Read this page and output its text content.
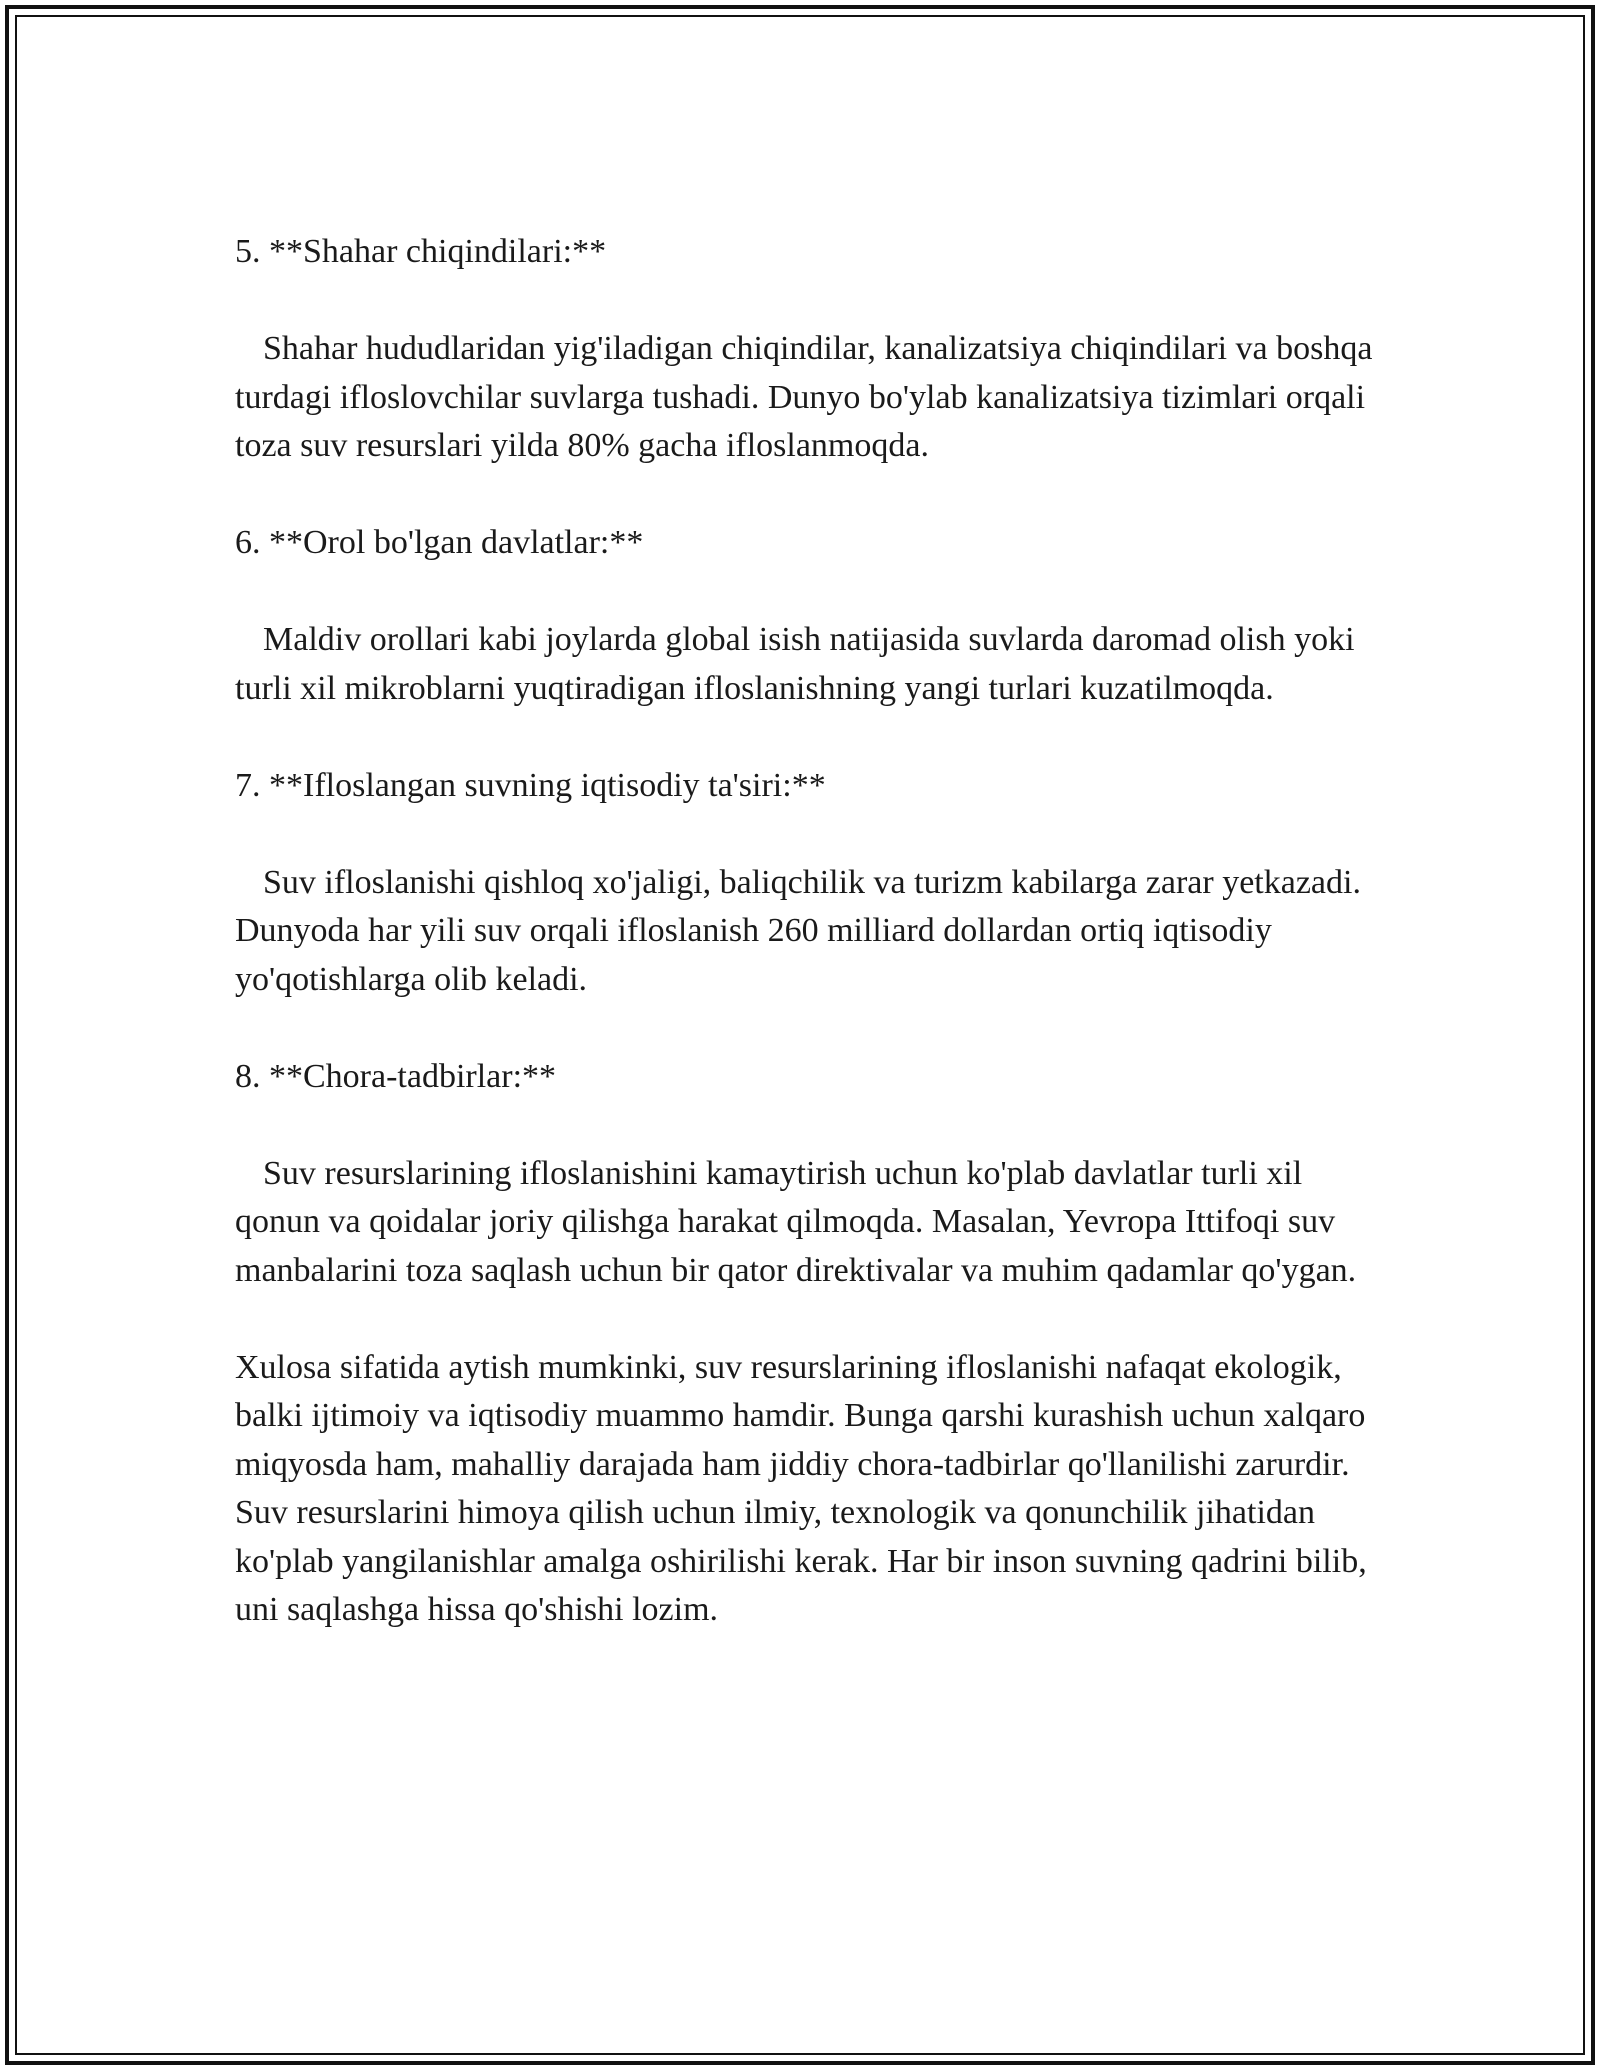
5. **Shahar chiqindilari:**

Shahar hududlaridan yig'iladigan chiqindilar, kanalizatsiya chiqindilari va boshqa turdagi ifloslovchilar suvlarga tushadi. Dunyo bo'ylab kanalizatsiya tizimlari orqali toza suv resurslari yilda 80% gacha ifloslanmoqda.

6. **Orol bo'lgan davlatlar:**

Maldiv orollari kabi joylarda global isish natijasida suvlarda daromad olish yoki turli xil mikroblarni yuqtiradigan ifloslanishning yangi turlari kuzatilmoqda.

7. **Ifloslangan suvning iqtisodiy ta'siri:**

Suv ifloslanishi qishloq xo'jaligi, baliqchilik va turizm kabilarga zarar yetkazadi. Dunyoda har yili suv orqali ifloslanish 260 milliard dollardan ortiq iqtisodiy yo'qotishlarga olib keladi.

8. **Chora-tadbirlar:**

Suv resurslarining ifloslanishini kamaytirish uchun ko'plab davlatlar turli xil qonun va qoidalar joriy qilishga harakat qilmoqda. Masalan, Yevropa Ittifoqi suv manbalarini toza saqlash uchun bir qator direktivalar va muhim qadamlar qo'ygan.

Xulosa sifatida aytish mumkinki, suv resurslarining ifloslanishi nafaqat ekologik, balki ijtimoiy va iqtisodiy muammo hamdir. Bunga qarshi kurashish uchun xalqaro miqyosda ham, mahalliy darajada ham jiddiy chora-tadbirlar qo'llanilishi zarurdir. Suv resurslarini himoya qilish uchun ilmiy, texnologik va qonunchilik jihatidan ko'plab yangilanishlar amalga oshirilishi kerak. Har bir inson suvning qadrini bilib, uni saqlashga hissa qo'shishi lozim.
